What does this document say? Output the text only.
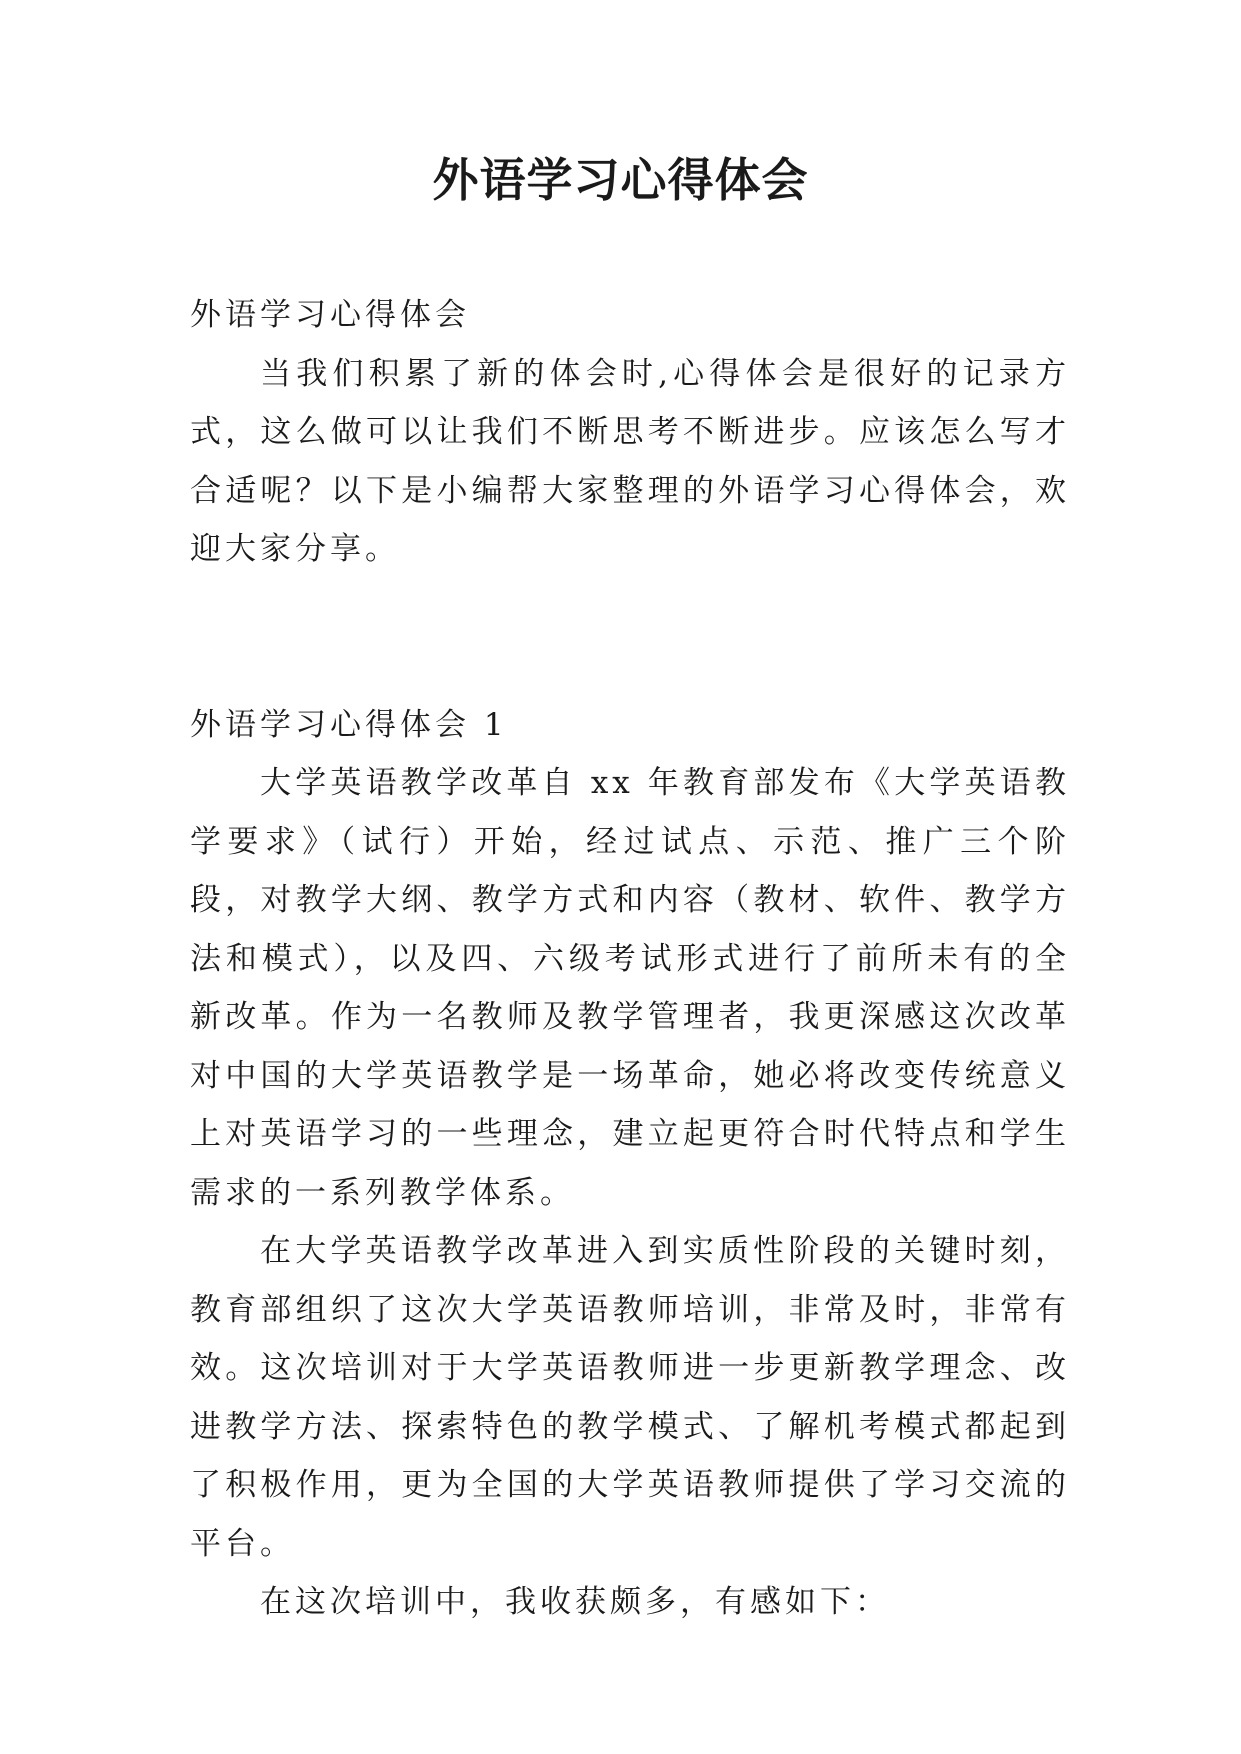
外语学习心得体会

外语学习心得体会

当我们积累了新的体会时,心得体会是很好的记录方式，这么做可以让我们不断思考不断进步。应该怎么写才合适呢？以下是小编帮大家整理的外语学习心得体会，欢迎大家分享。

外语学习心得体会 1

大学英语教学改革自 xx 年教育部发布《大学英语教学要求》（试行）开始，经过试点、示范、推广三个阶段，对教学大纲、教学方式和内容（教材、软件、教学方法和模式），以及四、六级考试形式进行了前所未有的全新改革。作为一名教师及教学管理者，我更深感这次改革对中国的大学英语教学是一场革命，她必将改变传统意义上对英语学习的一些理念，建立起更符合时代特点和学生需求的一系列教学体系。

在大学英语教学改革进入到实质性阶段的关键时刻，教育部组织了这次大学英语教师培训，非常及时，非常有效。这次培训对于大学英语教师进一步更新教学理念、改进教学方法、探索特色的教学模式、了解机考模式都起到了积极作用，更为全国的大学英语教师提供了学习交流的平台。

在这次培训中，我收获颇多，有感如下：
